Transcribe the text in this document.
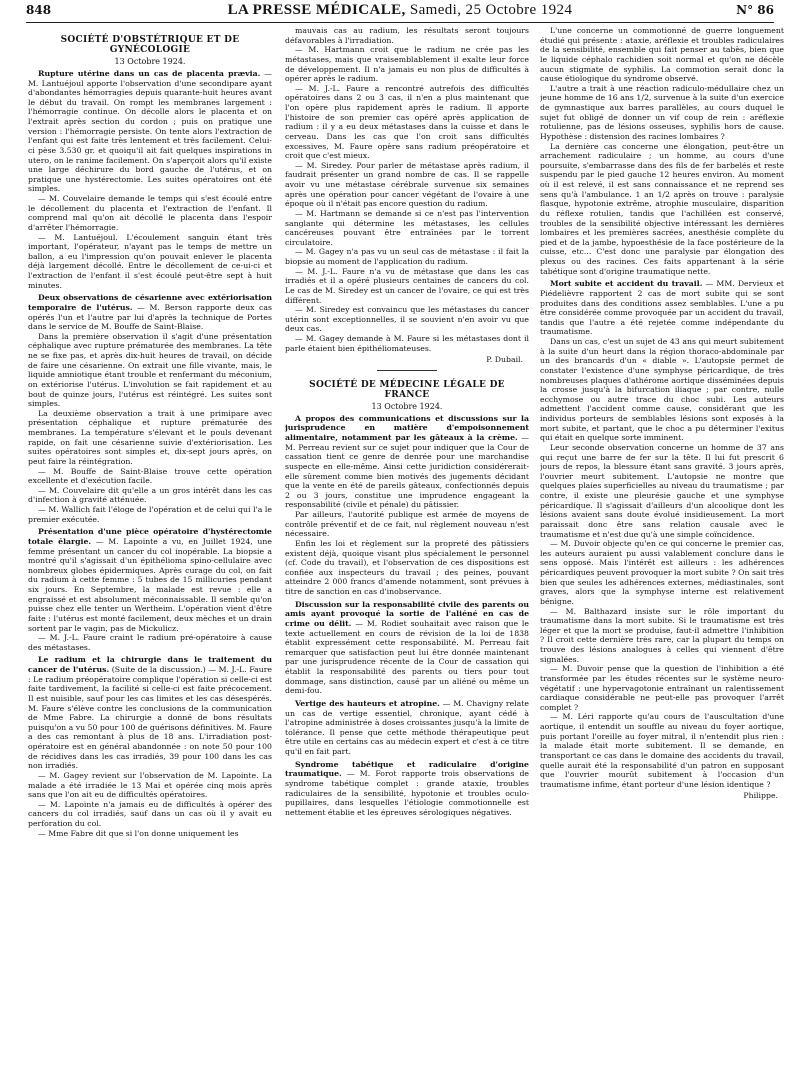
848	LA PRESSE MÉDICALE, Samedi, 25 Octobre 1924	N° 86
SOCIÉTÉ D'OBSTÉTRIQUE ET DE GYNÉCOLOGIE
13 Octobre 1924.

Rupture utérine dans un cas de placenta prævia. — M. Lantuéjoul apporte l'observation d'une secondipare ayant d'abondantes hémorragies depuis quarante-huit heures avant le début du travail. On rompt les membranes largement : l'hémorragie continue. On décolle alors le placenta et on l'extrait après section du cordon ; puis on pratique une version : l'hémorragie persiste. On tente alors l'extraction de l'enfant qui est faite très lentement et très facilement. Celui-ci pèse 3.530 gr. et quoiqu'il ait fait quelques inspirations in utero, on le ranime facilement. On s'aperçoit alors qu'il existe une large déchirure du bord gauche de l'utérus, et on pratique une hystérectomie. Les suites opératoires ont été simples.

— M. Couvelaire demande le temps qui s'est écoulé entre le décollement du placenta et l'extraction de l'enfant. Il comprend mal qu'on ait décollé le placenta dans l'espoir d'arrêter l'hémorragie.

— M. Lantuéjoul. L'écoulement sanguin étant très important, l'opérateur, n'ayant pas le temps de mettre un ballon, a eu l'impression qu'on pouvait enlever le placenta déjà largement décollé. Entre le décollement de ce-ui-ci et l'extraction de l'enfant il s'est écoulé peut-être sept à huit minutes.

Deux observations de césarienne avec extériorisation temporaire de l'utérus. — M. Berson rapporte deux cas opérés l'un et l'autre par lui d'après la technique de Portes dans le service de M. Bouffe de Saint-Blaise.

Dans la première observation il s'agit d'une présentation céphalique avec rupture prématurée des membranes. La tête ne se fixe pas, et après dix-huit heures de travail, on décide de faire une césarienne. On extrait une fille vivante, mais, le liquide amniotique étant trouble et renfermant du méconium, on extériorise l'utérus. L'involution se fait rapidement et au bout de quinze jours, l'utérus est réintégré. Les suites sont simples.

La deuxième observation a trait à une primipare avec présentation céphalique et rupture prématurée des membranes. La température s'élevant et le pouls devenant rapide, on fait une césarienne suivie d'extériorisation. Les suites opératoires sont simples et, dix-sept jours après, on peut faire la réintégration.

— M. Bouffe de Saint-Blaise trouve cette opération excellente et d'exécution facile.

— M. Couvelaire dit qu'elle a un gros intérêt dans les cas d'infection à gravité atténuée.

— M. Wallich fait l'éloge de l'opération et de celui qui l'a le premier exécutée.

Présentation d'une pièce opératoire d'hystérectomie totale élargie. — M. Lapointe a vu, en Juillet 1924, une femme présentant un cancer du col inopérable. La biopsie a montré qu'il s'agissait d'un épithélioma spino-cellulaire avec nombreux globes épidermiques. Après curage du col, on fait du radium à cette femme : 5 tubes de 15 millicuries pendant six jours. En Septembre, la malade est revue : elle a engraissé et est absolument méconnaissable. Il semble qu'on puisse chez elle tenter un Wertheim. L'opération vient d'être faite : l'utérus est monté facilement, deux mèches et un drain sortent par le vagin, pas de Mickulicz.

— M. J.-L. Faure craint le radium pré-opératoire à cause des métastases.

Le radium et la chirurgie dans le traitement du cancer de l'utérus. (Suite de la discussion.) — M. J.-L. Faure : Le radium préopératoire complique l'opération si celle-ci est faite tardivement, la facilité si celle-ci est faite précocement. Il est nuisible, sauf pour les cas limites et les cas désespérés. M. Faure s'élève contre les conclusions de la communication de Mme Fabre. La chirurgie a donné de bons résultats puisqu'on a vu 50 pour 100 de guérisons définitives. M. Faure a des cas remontant à plus de 18 ans. L'irradiation post-opératoire est en général abandonnée : on note 50 pour 100 de récidives dans les cas irradiés, 39 pour 100 dans les cas non irradiés.

— M. Gagey revient sur l'observation de M. Lapointe. La malade a été irradiée le 13 Mai et opérée cinq mois après sans que l'on ait eu de difficultés opératoires.

— M. Lapointe n'a jamais eu de difficultés à opérer des cancers du col irradiés, sauf dans un cas où il y avait eu perforation du col.

— Mme Fabre dit que si l'on donne uniquement les

mauvais cas au radium, les résultats seront toujours défavorables à l'irradiation.

— M. Hartmann croit que le radium ne crée pas les métastases, mais que vraisemblablement il exalte leur force de développement. Il n'a jamais eu non plus de difficultés à opérer après le radium.

— M. J.-L. Faure a rencontré autrefois des difficultés opératoires dans 2 ou 3 cas, il n'en a plus maintenant que l'on opère plus rapidement après le radium. Il apporte l'histoire de son premier cas opéré après application de radium : il y a eu deux métastases dans la cuisse et dans le cerveau. Dans les cas que l'on croit sans difficultés excessives, M. Faure opère sans radium préopératoire et croit que c'est mieux.

— M. Siredey. Pour parler de métastase après radium, il faudrait présenter un grand nombre de cas. Il se rappelle avoir vu une métastase cérébrale survenue six semaines après une opération pour cancer végétant de l'ovaire à une époque où il n'était pas encore question du radium.

— M. Hartmann se demande si ce n'est pas l'intervention sanglante qui détermine les métastases, les cellules cancéreuses pouvant être entraînées par le torrent circulatoire.

— M. Gagey n'a pas vu un seul cas de métastase : il fait la biopsie au moment de l'application du radium.

— M. J.-L. Faure n'a vu de métastase que dans les cas irradiés et il a opéré plusieurs centaines de cancers du col. Le cas de M. Siredey est un cancer de l'ovaire, ce qui est très différent.

— M. Siredey est convaincu que les métastases du cancer utérin sont exceptionnelles, il se souvient n'en avoir vu que deux cas.

— M. Gagey demande à M. Faure si les métastases dont il parle étaient bien épithéliomateuses.

P. Dubail.
SOCIÉTÉ DE MÉDECINE LÉGALE DE FRANCE
13 Octobre 1924.

A propos des communications et discussions sur la jurisprudence en matière d'empoisonnement alimentaire, notamment par les gâteaux à la crème. — M. Perreau revient sur ce sujet pour indiquer que la Cour de cassation tient ce genre de denrée pour une marchandise suspecte en elle-même. Ainsi cette juridiction considérerait-elle sûrement comme bien motivés des jugements décidant que la vente en été de pareils gâteaux, confectionnés depuis 2 ou 3 jours, constitue une imprudence engageant la responsabilité (civile et pénale) du pâtissier.

Par ailleurs, l'autorité publique est armée de moyens de contrôle préventif et de ce fait, nul règlement nouveau n'est nécessaire.

Enfin les loi et règlement sur la propreté des pâtissiers existent déjà, quoique visant plus spécialement le personnel (cf. Code du travail), et l'observation de ces dispositions est confiée aux inspecteurs du travail ; des peines, pouvant atteindre 2 000 francs d'amende notamment, sont prévues à titre de sanction en cas d'inobservance.

Discussion sur la responsabilité civile des parents ou amis ayant provoqué la sortie de l'aliéné en cas de crime ou délit. — M. Rodiet souhaitait avec raison que le texte actuellement en cours de révision de la loi de 1838 établit expressément cette responsabilité. M. Perreau fait remarquer que satisfaction peut lui être donnée maintenant par une jurisprudence récente de la Cour de cassation qui établit la responsabilité des parents ou tiers pour tout dommage, sans distinction, causé par un aliéné ou même un demi-fou.

Vertige des hauteurs et atropine. — M. Chavigny relate un cas de vertige essentiel, chronique, ayant cédé à l'atropine administrée à doses croissantes jusqu'à la limite de tolérance. Il pense que cette méthode thérapeutique peut être utile en certains cas au médecin expert et c'est à ce titre qu'il en fait part.

Syndrome tabétique et radiculaire d'origine traumatique. — M. Forot rapporte trois observations de syndrome tabétique complet : grande ataxie, troubles radiculaires de la sensibilité, hypotonie et troubles oculo-pupillaires, dans lesquelles l'étiologie commotionnelle est nettement établie et les épreuves sérologiques négatives.

L'une concerne un commotionné de guerre longuement étudié qui présente : ataxie, aréflexie et troubles radiculaires de la sensibilité, ensemble qui fait penser au tabès, bien que le liquide céphalo rachidien soit normal et qu'on ne décèle aucun stigmate de syphilis. La commotion serait donc la cause étiologique du syndrome observé.

L'autre a trait à une réaction radiculo-médullaire chez un jeune homme de 16 ans 1/2, survenue à la suite d'un exercice de gymnastique aux barres parallèles, au cours duquel le sujet fut obligé de donner un vif coup de rein : aréflexie rotulienne, pas de lésions osseuses, syphilis hors de cause. Hypothèse : distension des racines lombaires ?

La dernière cas concerne une élongation, peut-être un arrachement radiculaire ; un homme, au cours d'une poursuite, s'embarrasse dans des fils de fer barbelés et reste suspendu par le pied gauche 12 heures environ. Au moment où il est relevé, il est sans connaissance et ne reprend ses sens qu'à l'ambulance. 1 an 1/2 après on trouve : paralysie flasque, hypotonie extrême, atrophie musculaire, disparition du réflexe rotulien, tandis que l'achilléen est conservé, troubles de la sensibilité objective intéressant les dernières lombaires et les premières sacrées, anesthésie complète du pied et de la jambe, hypoesthésie de la face postérieure de la cuisse, etc... C'est donc une paralysie par élongation des plexus ou des racines. Ces faits appartenant à la série tabétique sont d'origine traumatique nette.

Mort subite et accident du travail. — MM. Dervieux et Piédelièvre rapportent 2 cas de mort subite qui se sont produites dans des conditions assez semblables. L'une a pu être considérée comme provoquée par un accident du travail, tandis que l'autre a été rejetée comme indépendante du traumatisme.

Dans un cas, c'est un sujet de 43 ans qui meurt subitement à la suite d'un heurt dans la région thoraco-abdominale par un des brancards d'un « diable ». L'autopsie permet de constater l'existence d'une symphyse péricardique, de très nombreuses plaques d'athérome aortique disséminées depuis la crosse jusqu'à la bifurcation iliaque ; par contre, nulle ecchymose ou autre trace du choc subi. Les auteurs admettent l'accident comme cause, considérant que les individus porteurs de semblables lésions sont exposés à la mort subite, et partant, que le choc a pu déterminer l'exitus qui était en quelque sorte imminent.

Leur seconde observation concerne un homme de 37 ans qui reçut une barre de fer sur la tête. Il lui fut prescrit 6 jours de repos, la blessure étant sans gravité. 3 jours après, l'ouvrier meurt subitement. L'autopsie ne montre que quelques plaies superficielles au niveau du traumatisme ; par contre, il existe une pleurésie gauche et une symphyse péricardique. Il s'agissait d'ailleurs d'un alcoolique dont les lésions avaient sans doute évolué insidieusement. La mort paraissait donc être sans relation causale avec le traumatisme et n'est due qu'à une simple coïncidence.

— M. Duvoir objecte qu'en ce qui concerne le premier cas, les auteurs auraient pu aussi valablement conclure dans le sens opposé. Mais l'intérêt est ailleurs : les adhérences péricardiques peuvent provoquer la mort subite ? On sait très bien que seules les adhérences externes, médiastinales, sont graves, alors que la symphyse interne est relativement bénigne.

— M. Balthazard insiste sur le rôle important du traumatisme dans la mort subite. Si le traumatisme est très léger et que la mort se produise, faut-il admettre l'inhibition ? Il croit cette dernière très rare, car la plupart du temps on trouve des lésions analogues à celles qui viennent d'être signalées.

— M. Duvoir pense que la question de l'inhibition a été transformée par les études récentes sur le système neuro-végétatif : une hypervagotonie entraînant un ralentissement cardiaque considérable ne peut-elle pas provoquer l'arrêt complet ?

— M. Léri rapporte qu'au cours de l'auscultation d'une aortique, il entendit un souffle au niveau du foyer aortique, puis portant l'oreille au foyer mitral, il n'entendit plus rien : la malade était morte subitement. Il se demande, en transportant ce cas dans le domaine des accidents du travail, quelle aurait été la responsabilité d'un patron en supposant que l'ouvrier mourût subitement à l'occasion d'un traumatisme infime, étant porteur d'une lésion identique ?

Philippe.
